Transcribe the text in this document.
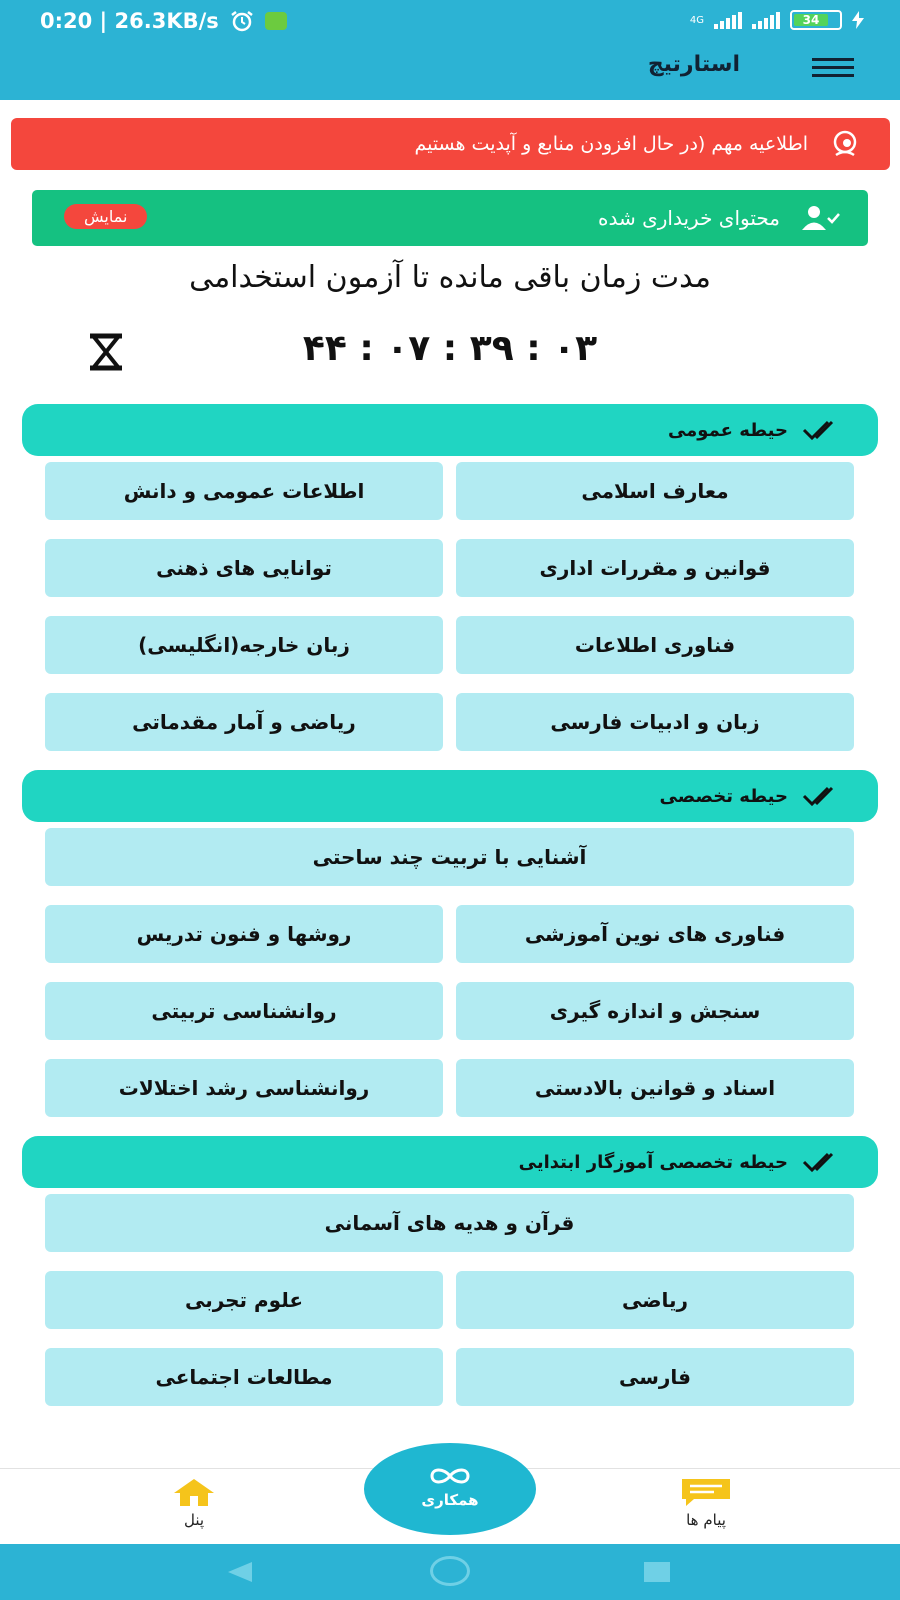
0:20 | 26.3KB/s	4G	34
استارتیچ
اطلاعیه مهم (در حال افزودن منابع و آپدیت هستیم
محتوای خریداری شده
نمایش
مدت زمان باقی مانده تا آزمون استخدامی
۴۴ : ۰۷ : ۳۹ : ۰۳
حیطه عمومی
معارف اسلامی
اطلاعات عمومی و دانش
قوانین و مقررات اداری
توانایی های ذهنی
فناوری اطلاعات
زبان خارجه(انگلیسی)
زبان و ادبیات فارسی
ریاضی و آمار مقدماتی
حیطه تخصصی
آشنایی با تربیت چند ساحتی
فناوری های نوین آموزشی
روشها و فنون تدریس
سنجش و اندازه گیری
روانشناسی تربیتی
اسناد و قوانین بالادستی
روانشناسی رشد اختلالات
حیطه تخصصی آموزگار ابتدایی
قرآن و هدیه های آسمانی
ریاضی
علوم تجربی
فارسی
مطالعات اجتماعی
پنل	پیام ها
همکاری
